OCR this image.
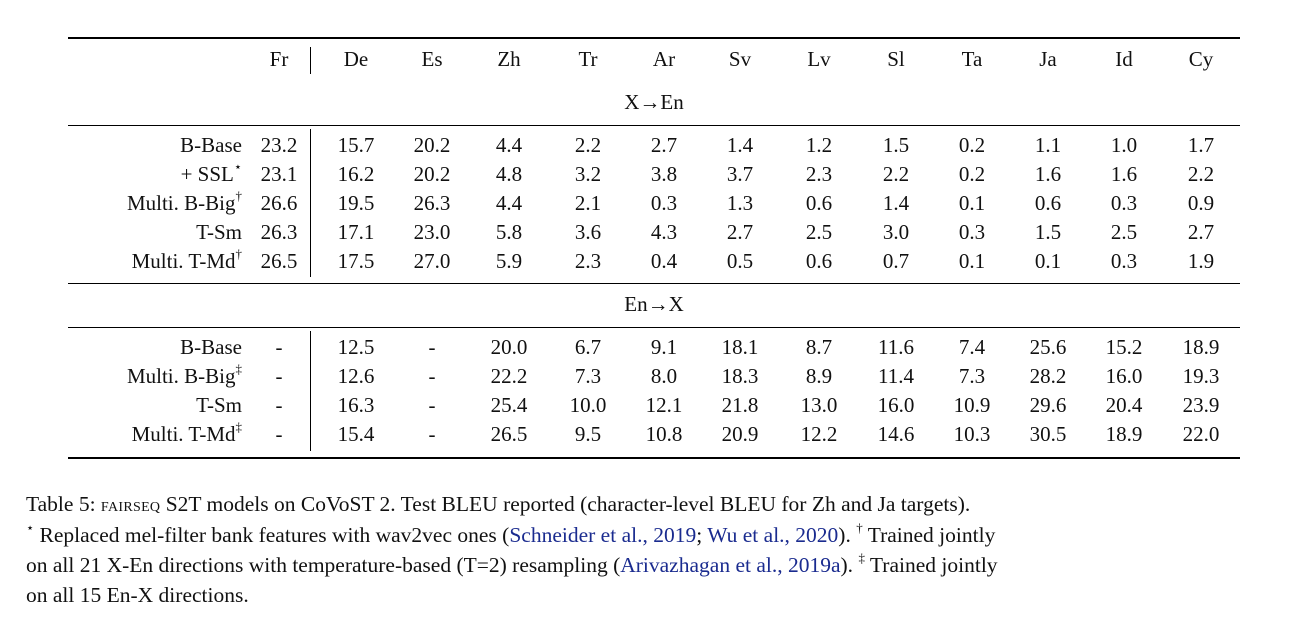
Fr	De	Es	Zh	Tr	Ar	Sv	Lv	Sl	Ta	Ja	Id	Cy
X→En
B-Base 23.2	15.7	20.2	4.4	2.2	2.7	1.4	1.2	1.5	0.2	1.1	1.0	1.7
+ SSL⋆ 23.1	16.2	20.2	4.8	3.2	3.8	3.7	2.3	2.2	0.2	1.6	1.6	2.2
Multi. B-Big† 26.6	19.5	26.3	4.4	2.1	0.3	1.3	0.6	1.4	0.1	0.6	0.3	0.9
T-Sm 26.3	17.1	23.0	5.8	3.6	4.3	2.7	2.5	3.0	0.3	1.5	2.5	2.7
Multi. T-Md† 26.5	17.5	27.0	5.9	2.3	0.4	0.5	0.6	0.7	0.1	0.1	0.3	1.9
En→X
B-Base	-	12.5	-	20.0	6.7	9.1	18.1	8.7	11.6	7.4	25.6	15.2	18.9
Multi. B-Big‡	-	12.6	-	22.2	7.3	8.0	18.3	8.9	11.4	7.3	28.2	16.0	19.3
T-Sm	-	16.3	-	25.4	10.0	12.1	21.8	13.0	16.0	10.9	29.6	20.4	23.9
Multi. T-Md‡	-	15.4	-	26.5	9.5	10.8	20.9	12.2	14.6	10.3	30.5	18.9	22.0
Table 5: fairseq S2T models on CoVoST 2. Test BLEU reported (character-level BLEU for Zh and Ja targets).
⋆ Replaced mel-filter bank features with wav2vec ones (Schneider et al., 2019; Wu et al., 2020). † Trained jointly
on all 21 X-En directions with temperature-based (T=2) resampling (Arivazhagan et al., 2019a). ‡ Trained jointly
on all 15 En-X directions.
